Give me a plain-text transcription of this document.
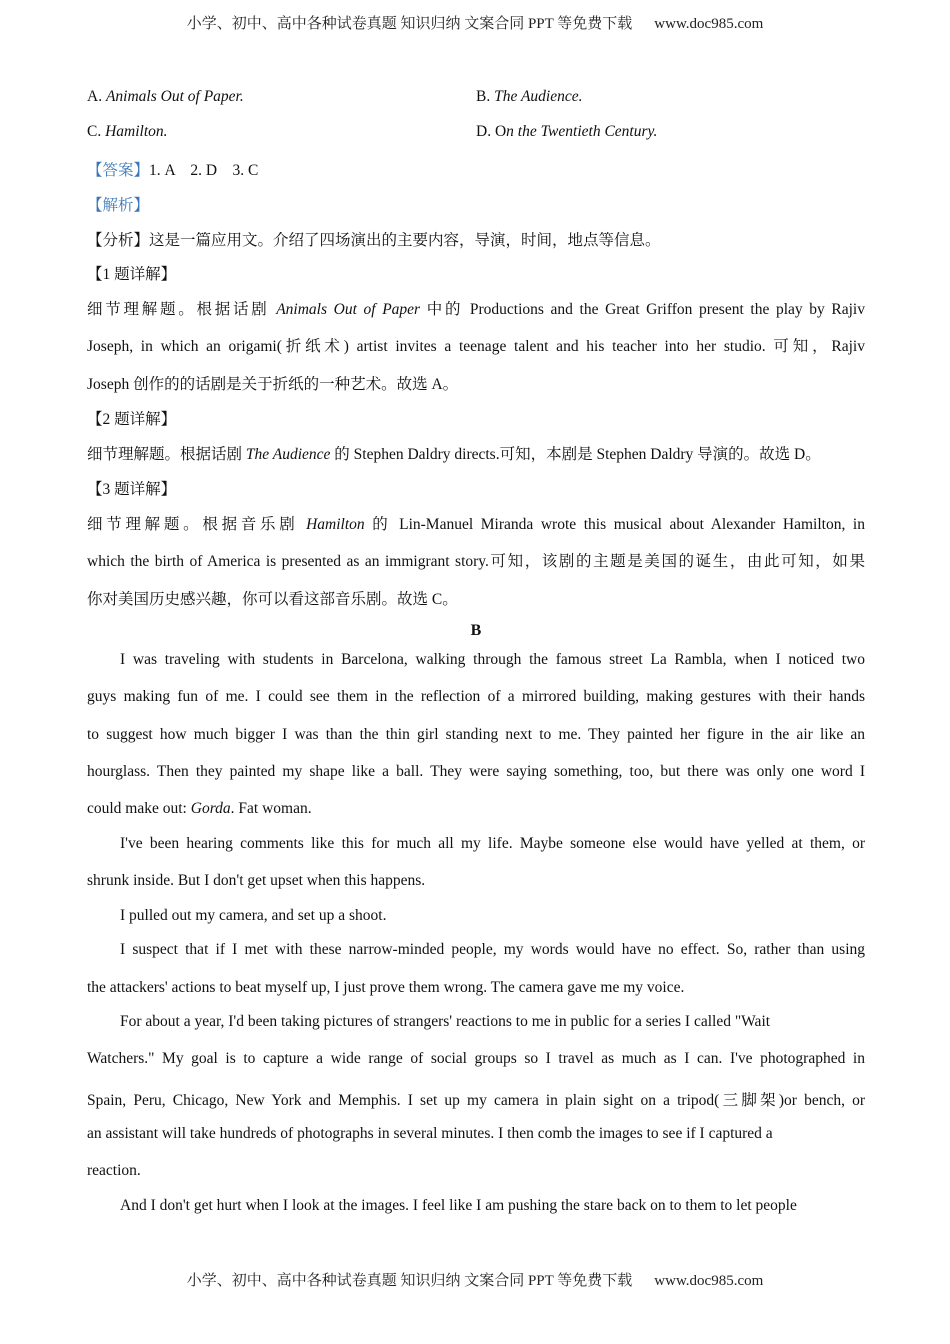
小学、初中、高中各种试卷真题 知识归纳 文案合同 PPT 等免费下载 www.doc985.com
A. Animals Out of Paper.	B. The Audience.
C. Hamilton.	D. On the Twentieth Century.
【答案】1. A    2. D    3. C
【解析】
【分析】这是一篇应用文。介绍了四场演出的主要内容，导演，时间，地点等信息。
【1 题详解】
细节理解题。根据话剧 Animals Out of Paper 中的 Productions and the Great Griffon present the play by Rajiv
Joseph, in which an origami(折纸术) artist invites a teenage talent and his teacher into her studio. 可知，Rajiv
Joseph 创作的的话剧是关于折纸的一种艺术。故选 A。
【2 题详解】
细节理解题。根据话剧 The Audience 的 Stephen Daldry directs.可知，本剧是 Stephen Daldry 导演的。故选 D。
【3 题详解】
细节理解题。根据音乐剧 Hamilton 的 Lin-Manuel Miranda wrote this musical about Alexander Hamilton, in
which the birth of America is presented as an immigrant story.可知，该剧的主题是美国的诞生，由此可知，如果
你对美国历史感兴趣，你可以看这部音乐剧。故选 C。
B
I was traveling with students in Barcelona, walking through the famous street La Rambla, when I noticed two
guys making fun of me. I could see them in the reflection of a mirrored building, making gestures with their hands
to suggest how much bigger I was than the thin girl standing next to me. They painted her figure in the air like an
hourglass. Then they painted my shape like a ball. They were saying something, too, but there was only one word I
could make out: Gorda. Fat woman.
I've been hearing comments like this for much all my life. Maybe someone else would have yelled at them, or
shrunk inside. But I don't get upset when this happens.
I pulled out my camera, and set up a shoot.
I suspect that if I met with these narrow-minded people, my words would have no effect. So, rather than using
the attackers' actions to beat myself up, I just prove them wrong. The camera gave me my voice.
For about a year, I'd been taking pictures of strangers' reactions to me in public for a series I called "Wait
Watchers." My goal is to capture a wide range of social groups so I travel as much as I can. I've photographed in
Spain, Peru, Chicago, New York and Memphis. I set up my camera in plain sight on a tripod(三脚架)or bench, or
an assistant will take hundreds of photographs in several minutes. I then comb the images to see if I captured a
reaction.
And I don't get hurt when I look at the images. I feel like I am pushing the stare back on to them to let people
小学、初中、高中各种试卷真题 知识归纳 文案合同 PPT 等免费下载 www.doc985.com
